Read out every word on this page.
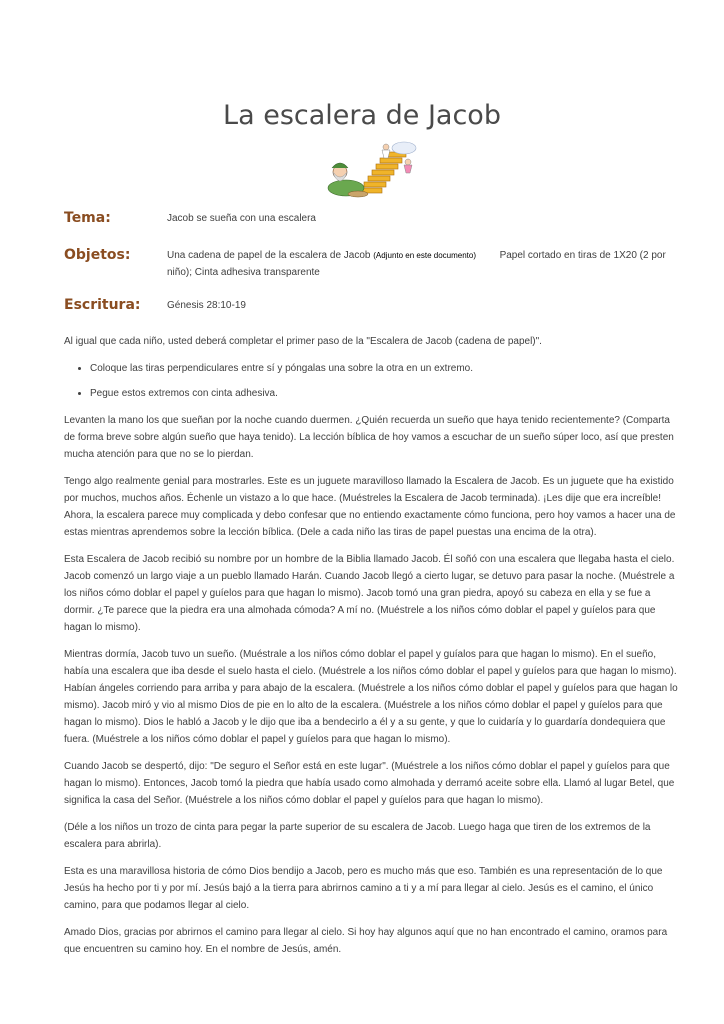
La escalera de Jacob
Tema:	Jacob se sueña con una escalera
Objetos:	Una cadena de papel de la escalera de Jacob (Adjunto en este documento) Papel cortado en tiras de 1X20 (2 por niño); Cinta adhesiva transparente
Escritura:	Génesis 28:10-19

Al igual que cada niño, usted deberá completar el primer paso de la "Escalera de Jacob (cadena de papel)".

• Coloque las tiras perpendiculares entre sí y póngalas una sobre la otra en un extremo.
• Pegue estos extremos con cinta adhesiva.

Levanten la mano los que sueñan por la noche cuando duermen. ¿Quién recuerda un sueño que haya tenido recientemente? (Comparta de forma breve sobre algún sueño que haya tenido). La lección bíblica de hoy vamos a escuchar de un sueño súper loco, así que presten mucha atención para que no se lo pierdan.

Tengo algo realmente genial para mostrarles. Este es un juguete maravilloso llamado la Escalera de Jacob. Es un juguete que ha existido por muchos, muchos años. Échenle un vistazo a lo que hace. (Muéstreles la Escalera de Jacob terminada). ¡Les dije que era increíble! Ahora, la escalera parece muy complicada y debo confesar que no entiendo exactamente cómo funciona, pero hoy vamos a hacer una de estas mientras aprendemos sobre la lección bíblica. (Dele a cada niño las tiras de papel puestas una encima de la otra).

Esta Escalera de Jacob recibió su nombre por un hombre de la Biblia llamado Jacob. Él soñó con una escalera que llegaba hasta el cielo. Jacob comenzó un largo viaje a un pueblo llamado Harán. Cuando Jacob llegó a cierto lugar, se detuvo para pasar la noche. (Muéstrele a los niños cómo doblar el papel y guíelos para que hagan lo mismo). Jacob tomó una gran piedra, apoyó su cabeza en ella y se fue a dormir. ¿Te parece que la piedra era una almohada cómoda? A mí no. (Muéstrele a los niños cómo doblar el papel y guíelos para que hagan lo mismo).

Mientras dormía, Jacob tuvo un sueño. (Muéstrale a los niños cómo doblar el papel y guíalos para que hagan lo mismo). En el sueño, había una escalera que iba desde el suelo hasta el cielo. (Muéstrele a los niños cómo doblar el papel y guíelos para que hagan lo mismo). Habían ángeles corriendo para arriba y para abajo de la escalera. (Muéstrele a los niños cómo doblar el papel y guíelos para que hagan lo mismo). Jacob miró y vio al mismo Dios de pie en lo alto de la escalera. (Muéstrele a los niños cómo doblar el papel y guíelos para que hagan lo mismo). Dios le habló a Jacob y le dijo que iba a bendecirlo a él y a su gente, y que lo cuidaría y lo guardaría dondequiera que fuera. (Muéstrele a los niños cómo doblar el papel y guíelos para que hagan lo mismo).

Cuando Jacob se despertó, dijo: "De seguro el Señor está en este lugar". (Muéstrele a los niños cómo doblar el papel y guíelos para que hagan lo mismo). Entonces, Jacob tomó la piedra que había usado como almohada y derramó aceite sobre ella. Llamó al lugar Betel, que significa la casa del Señor. (Muéstrele a los niños cómo doblar el papel y guíelos para que hagan lo mismo).

(Déle a los niños un trozo de cinta para pegar la parte superior de su escalera de Jacob. Luego haga que tiren de los extremos de la escalera para abrirla).

Esta es una maravillosa historia de cómo Dios bendijo a Jacob, pero es mucho más que eso. También es una representación de lo que Jesús ha hecho por ti y por mí. Jesús bajó a la tierra para abrirnos camino a ti y a mí para llegar al cielo. Jesús es el camino, el único camino, para que podamos llegar al cielo.

Amado Dios, gracias por abrirnos el camino para llegar al cielo. Si hoy hay algunos aquí que no han encontrado el camino, oramos para que encuentren su camino hoy. En el nombre de Jesús, amén.
